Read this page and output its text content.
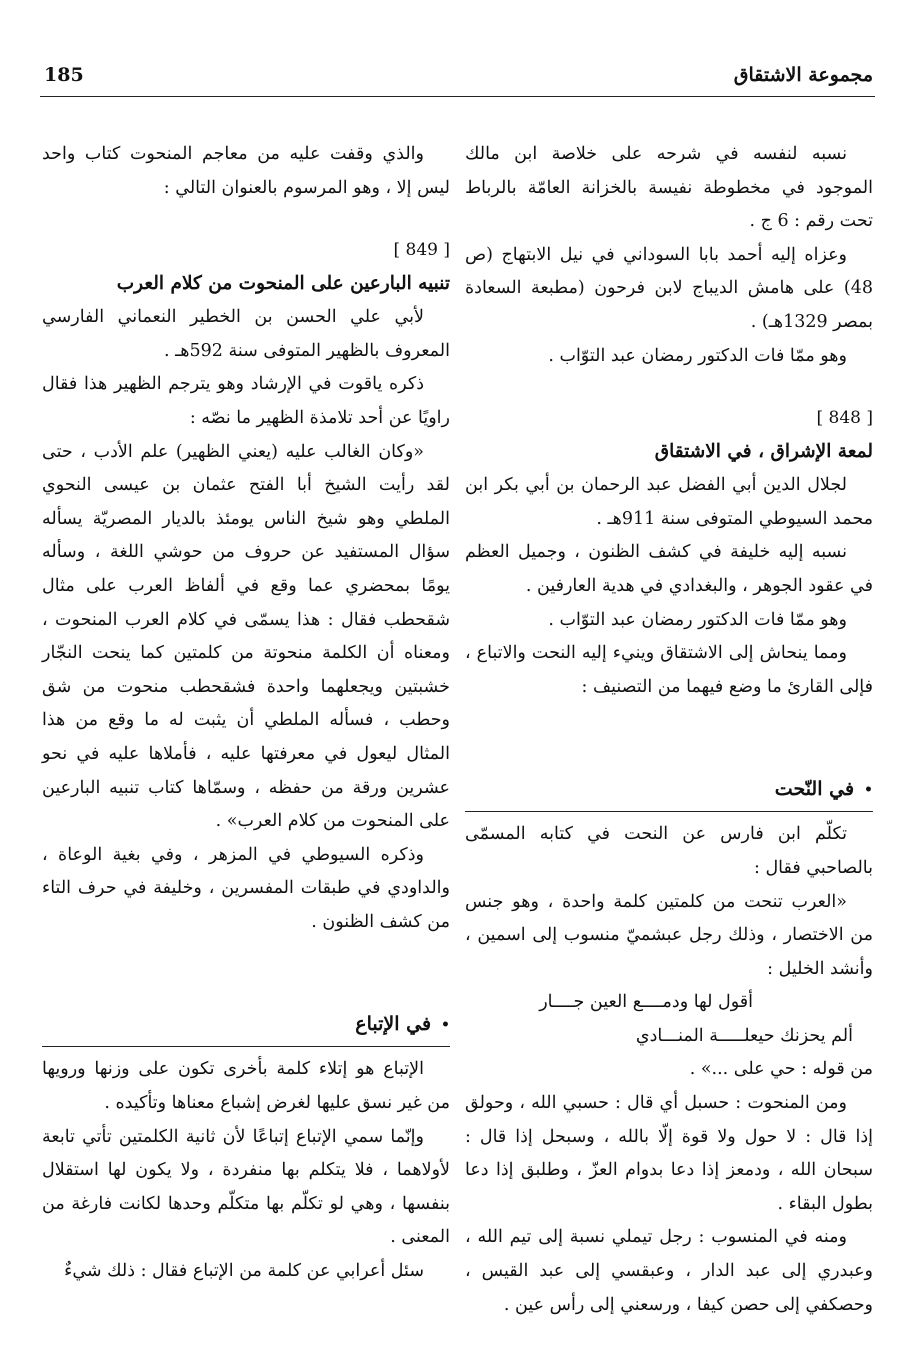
مجموعة الاشتقاق
185

نسبه لنفسه في شرحه على خلاصة ابن مالك الموجود في مخطوطة نفيسة بالخزانة العامّة بالرباط تحت رقم : 6 ج .

وعزاه إليه أحمد بابا السوداني في نيل الابتهاج (ص 48) على هامش الديباج لابن فرحون (مطبعة السعادة بمصر 1329هـ) .

وهو ممّا فات الدكتور رمضان عبد التوّاب .

[ 848 ]
لمعة الإشراق ، في الاشتقاق

لجلال الدين أبي الفضل عبد الرحمان بن أبي بكر ابن محمد السيوطي المتوفى سنة 911هـ .

نسبه إليه خليفة في كشف الظنون ، وجميل العظم في عقود الجوهر ، والبغدادي في هدية العارفين .

وهو ممّا فات الدكتور رمضان عبد التوّاب .

ومما ينحاش إلى الاشتقاق وينيء إليه النحت والاتباع ، فإلى القارئ ما وضع فيهما من التصنيف :

•في النّحت

تكلّم ابن فارس عن النحت في كتابه المسمّى بالصاحبي فقال :

«العرب تنحت من كلمتين كلمة واحدة ، وهو جنس من الاختصار ، وذلك رجل عبشميّ منسوب إلى اسمين ، وأنشد الخليل :

أقول لها ودمــــع العين جــــار

ألم يحزنك حيعلـــــة المنـــادي

من قوله : حي على ...» .

ومن المنحوت : حسبل أي قال : حسبي الله ، وحولق إذا قال : لا حول ولا قوة إلّا بالله ، وسبحل إذا قال : سبحان الله ، ودمعز إذا دعا بدوام العزّ ، وطلبق إذا دعا بطول البقاء .

ومنه في المنسوب : رجل تيملي نسبة إلى تيم الله ، وعبدري إلى عبد الدار ، وعبقسي إلى عبد القيس ، وحصكفي إلى حصن كيفا ، ورسعني إلى رأس عين .

والذي وقفت عليه من معاجم المنحوت كتاب واحد ليس إلا ، وهو المرسوم بالعنوان التالي :

[ 849 ]
تنبيه البارعين على المنحوت من كلام العرب

لأبي علي الحسن بن الخطير النعماني الفارسي المعروف بالظهير المتوفى سنة 592هـ .

ذكره ياقوت في الإرشاد وهو يترجم الظهير هذا فقال راويًا عن أحد تلامذة الظهير ما نصّه :

«وكان الغالب عليه (يعني الظهير) علم الأدب ، حتى لقد رأيت الشيخ أبا الفتح عثمان بن عيسى النحوي الملطي وهو شيخ الناس يومئذ بالديار المصريّة يسأله سؤال المستفيد عن حروف من حوشي اللغة ، وسأله يومًا بمحضري عما وقع في ألفاظ العرب على مثال شقحطب فقال : هذا يسمّى في كلام العرب المنحوت ، ومعناه أن الكلمة منحوتة من كلمتين كما ينحت النجّار خشبتين ويجعلهما واحدة فشقحطب منحوت من شق وحطب ، فسأله الملطي أن يثبت له ما وقع من هذا المثال ليعول في معرفتها عليه ، فأملاها عليه في نحو عشرين ورقة من حفظه ، وسمّاها كتاب تنبيه البارعين على المنحوت من كلام العرب» .

وذكره السيوطي في المزهر ، وفي بغية الوعاة ، والداودي في طبقات المفسرين ، وخليفة في حرف التاء من كشف الظنون .

•في الإتباع

الإتباع هو إتلاء كلمة بأخرى تكون على وزنها ورويها من غير نسق عليها لغرض إشباع معناها وتأكيده .

وإنّما سمي الإتباع إتباعًا لأن ثانية الكلمتين تأتي تابعة لأولاهما ، فلا يتكلم بها منفردة ، ولا يكون لها استقلال بنفسها ، وهي لو تكلّم بها متكلّم وحدها لكانت فارغة من المعنى .

سئل أعرابي عن كلمة من الإتباع فقال : ذلك شيءٌ
